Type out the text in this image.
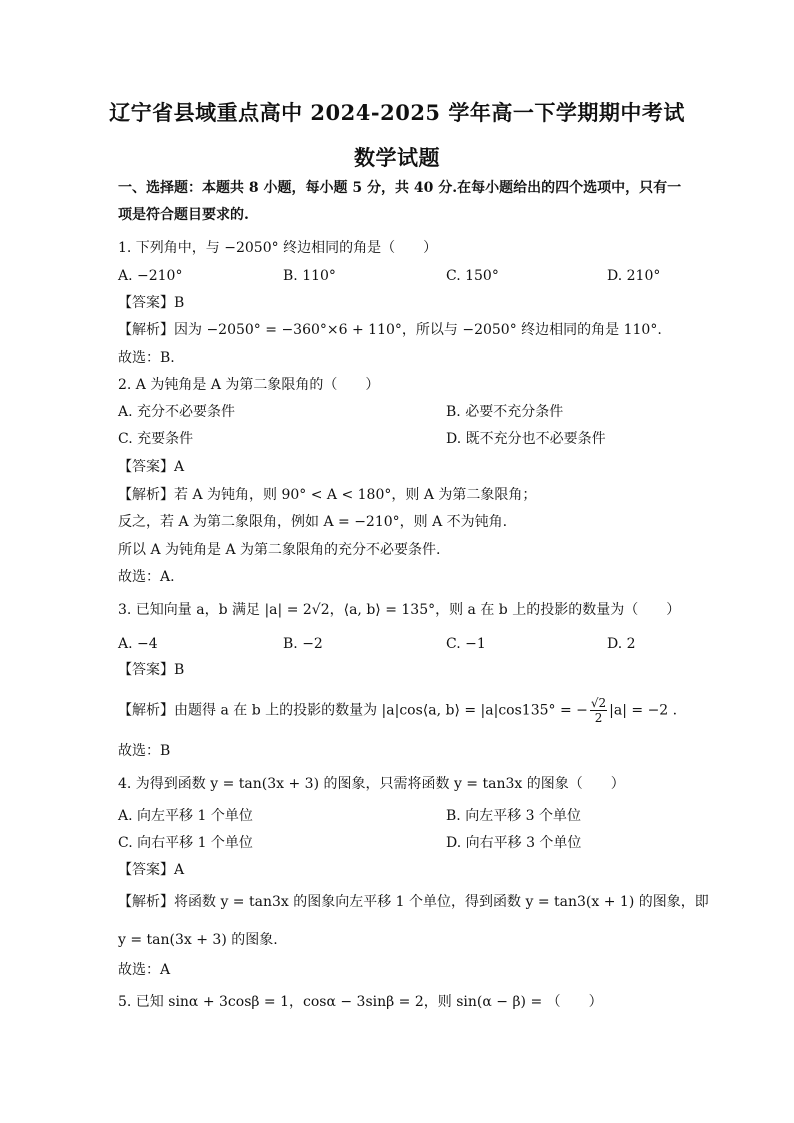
辽宁省县域重点高中 2024-2025 学年高一下学期期中考试
数学试题
一、选择题：本题共 8 小题，每小题 5 分，共 40 分.在每小题给出的四个选项中，只有一
项是符合题目要求的.
1. 下列角中，与 −2050° 终边相同的角是（　　）
A. −210°	B. 110°	C. 150°	D. 210°
【答案】B
【解析】因为 −2050° = −360°×6 + 110°，所以与 −2050° 终边相同的角是 110°.
故选：B.
2. A 为钝角是 A 为第二象限角的（　　）
A. 充分不必要条件	B. 必要不充分条件
C. 充要条件	D. 既不充分也不必要条件
【答案】A
【解析】若 A 为钝角，则 90° < A < 180°，则 A 为第二象限角；
反之，若 A 为第二象限角，例如 A = −210°，则 A 不为钝角.
所以 A 为钝角是 A 为第二象限角的充分不必要条件.
故选：A.
3. 已知向量 a，b 满足 |a| = 2√2，⟨a, b⟩ = 135°，则 a 在 b 上的投影的数量为（　　）
A. −4	B. −2	C. −1	D. 2
【答案】B
【解析】由题得 a 在 b 上的投影的数量为 |a|cos⟨a, b⟩ = |a|cos135° = − $\frac{√2}{2} |a| = -2$ .
故选：B
4. 为得到函数 y = tan(3x + 3) 的图象，只需将函数 y = tan3x 的图象（　　）
A. 向左平移 1 个单位	B. 向左平移 3 个单位
C. 向右平移 1 个单位	D. 向右平移 3 个单位
【答案】A
【解析】将函数 y = tan3x 的图象向左平移 1 个单位，得到函数 y = tan3(x + 1) 的图象，即
y = tan(3x + 3) 的图象.
故选：A
5. 已知 sinα + 3cosβ = 1，cosα − 3sinβ = 2，则 sin(α − β) = （　　）
